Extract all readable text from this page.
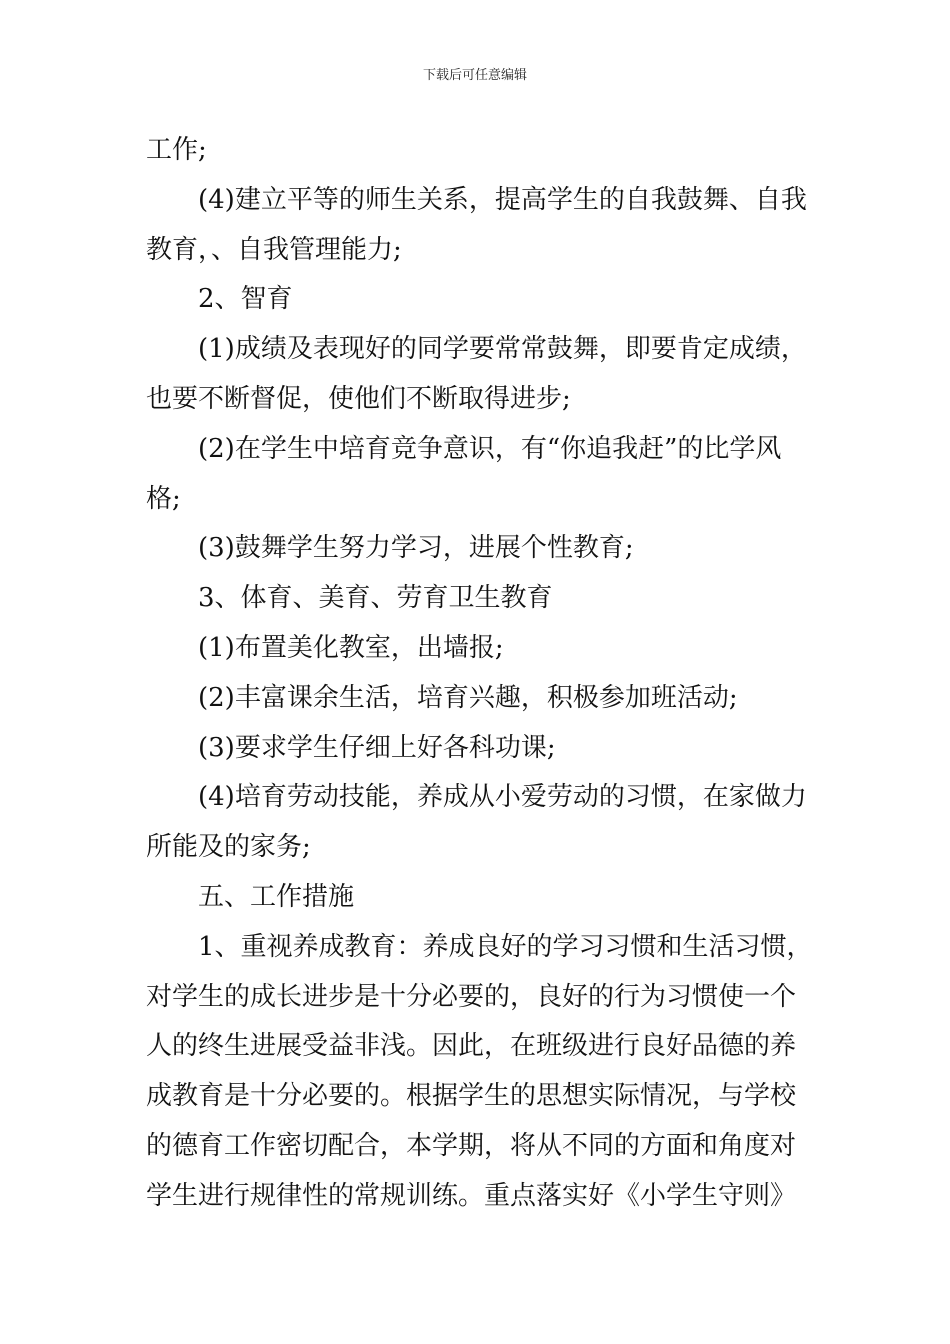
下载后可任意编辑

工作;

(4)建立平等的师生关系，提高学生的自我鼓舞、自我

教育，、自我管理能力;

2、智育

(1)成绩及表现好的同学要常常鼓舞，即要肯定成绩，

也要不断督促，使他们不断取得进步;

(2)在学生中培育竞争意识，有“你追我赶”的比学风

格;

(3)鼓舞学生努力学习，进展个性教育;

3、体育、美育、劳育卫生教育

(1)布置美化教室，出墙报;

(2)丰富课余生活，培育兴趣，积极参加班活动;

(3)要求学生仔细上好各科功课;

(4)培育劳动技能，养成从小爱劳动的习惯，在家做力

所能及的家务;

五、工作措施

1、重视养成教育：养成良好的学习习惯和生活习惯，

对学生的成长进步是十分必要的，良好的行为习惯使一个

人的终生进展受益非浅。因此，在班级进行良好品德的养

成教育是十分必要的。根据学生的思想实际情况，与学校

的德育工作密切配合，本学期，将从不同的方面和角度对

学生进行规律性的常规训练。重点落实好《小学生守则》
